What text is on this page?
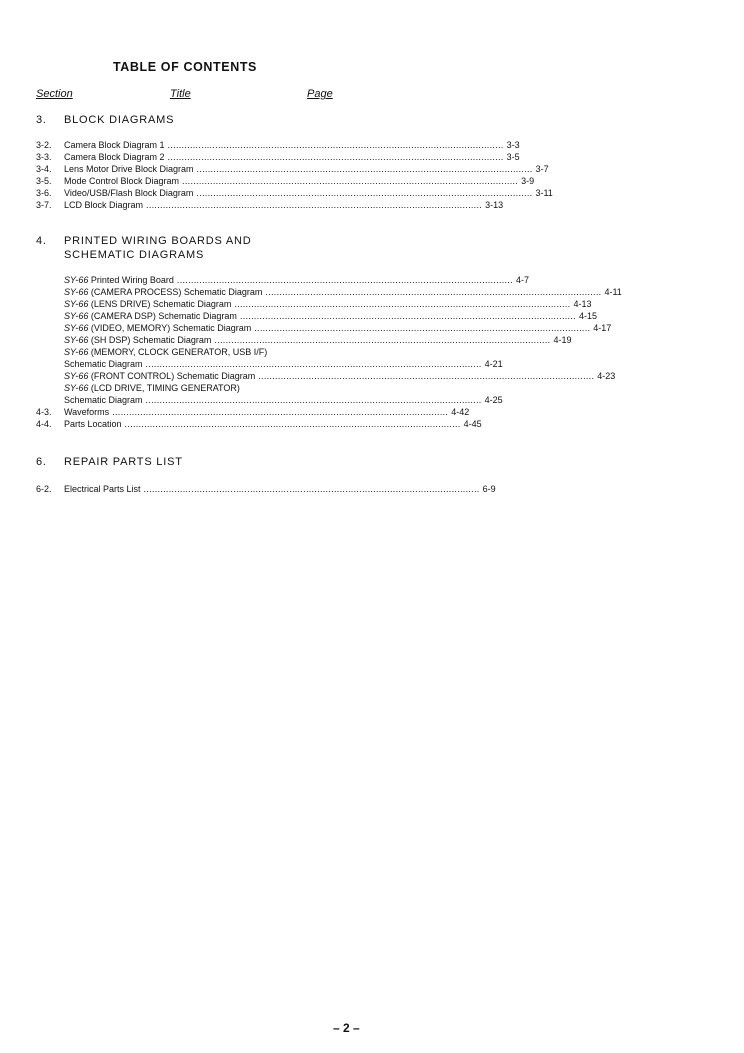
TABLE OF CONTENTS
Section	Title	Page
3. BLOCK DIAGRAMS
3-2. Camera Block Diagram 1 ........................................................................................................................ 3-3
3-3. Camera Block Diagram 2 ........................................................................................................................ 3-5
3-4. Lens Motor Drive Block Diagram ........................................................................................................................ 3-7
3-5. Mode Control Block Diagram ........................................................................................................................ 3-9
3-6. Video/USB/Flash Block Diagram ........................................................................................................................ 3-11
3-7. LCD Block Diagram ........................................................................................................................ 3-13
4. PRINTED WIRING BOARDS AND
SCHEMATIC DIAGRAMS
SY-66 Printed Wiring Board ........................................................................................................................ 4-7
SY-66 (CAMERA PROCESS) Schematic Diagram ........................................................................................................................ 4-11
SY-66 (LENS DRIVE) Schematic Diagram ........................................................................................................................ 4-13
SY-66 (CAMERA DSP) Schematic Diagram ........................................................................................................................ 4-15
SY-66 (VIDEO, MEMORY) Schematic Diagram ........................................................................................................................ 4-17
SY-66 (SH DSP) Schematic Diagram ........................................................................................................................ 4-19
SY-66 (MEMORY, CLOCK GENERATOR, USB I/F)
Schematic Diagram ........................................................................................................................ 4-21
SY-66 (FRONT CONTROL) Schematic Diagram ........................................................................................................................ 4-23
SY-66 (LCD DRIVE, TIMING GENERATOR)
Schematic Diagram ........................................................................................................................ 4-25
4-3. Waveforms ........................................................................................................................ 4-42
4-4. Parts Location ........................................................................................................................ 4-45
6. REPAIR PARTS LIST
6-2. Electrical Parts List ........................................................................................................................ 6-9
– 2 –
